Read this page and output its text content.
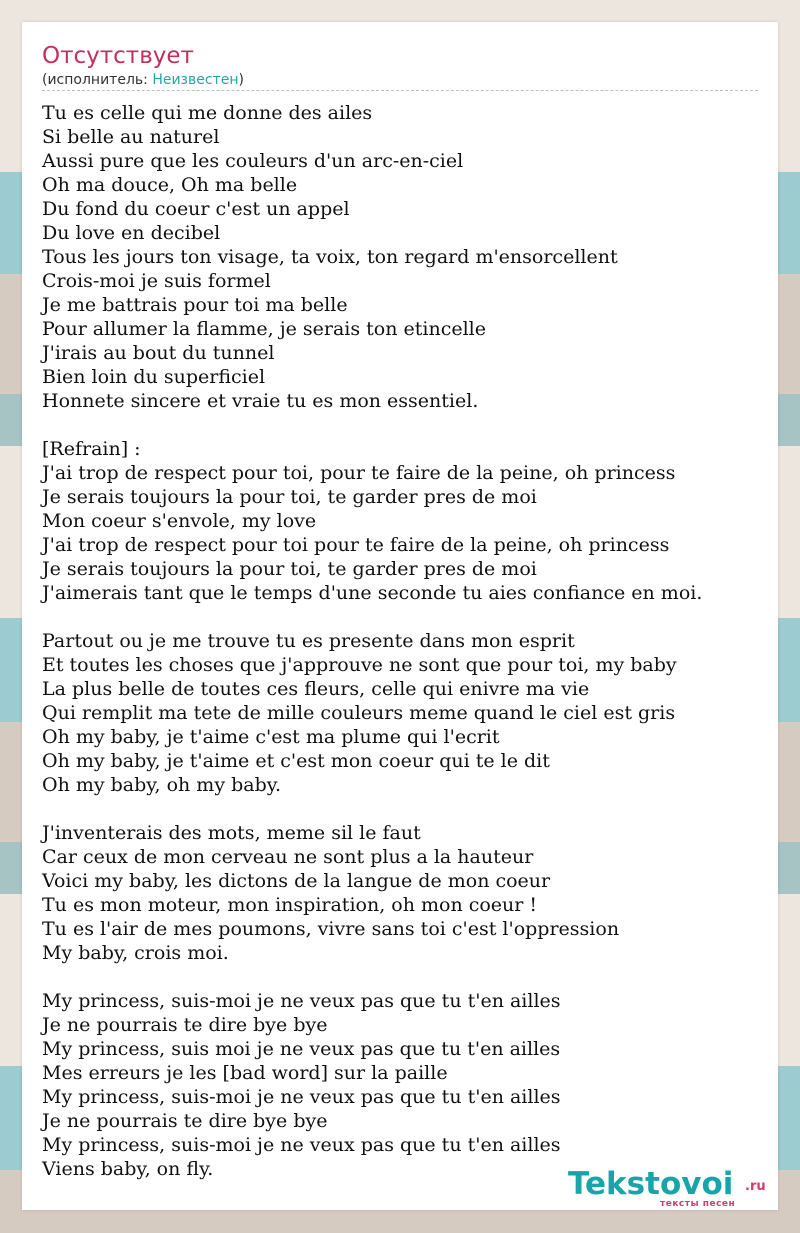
Отсутствует
(исполнитель: Неизвестен)
Tu es celle qui me donne des ailes
Si belle au naturel
Aussi pure que les couleurs d'un arc-en-ciel
Oh ma douce, Oh ma belle
Du fond du coeur c'est un appel
Du love en decibel
Tous les jours ton visage, ta voix, ton regard m'ensorcellent
Crois-moi je suis formel
Je me battrais pour toi ma belle
Pour allumer la flamme, je serais ton etincelle
J'irais au bout du tunnel
Bien loin du superficiel
Honnete sincere et vraie tu es mon essentiel.
[Refrain] :
J'ai trop de respect pour toi, pour te faire de la peine, oh princess
Je serais toujours la pour toi, te garder pres de moi
Mon coeur s'envole, my love
J'ai trop de respect pour toi pour te faire de la peine, oh princess
Je serais toujours la pour toi, te garder pres de moi
J'aimerais tant que le temps d'une seconde tu aies confiance en moi.
Partout ou je me trouve tu es presente dans mon esprit
Et toutes les choses que j'approuve ne sont que pour toi, my baby
La plus belle de toutes ces fleurs, celle qui enivre ma vie
Qui remplit ma tete de mille couleurs meme quand le ciel est gris
Oh my baby, je t'aime c'est ma plume qui l'ecrit
Oh my baby, je t'aime et c'est mon coeur qui te le dit
Oh my baby, oh my baby.
J'inventerais des mots, meme sil le faut
Car ceux de mon cerveau ne sont plus a la hauteur
Voici my baby, les dictons de la langue de mon coeur
Tu es mon moteur, mon inspiration, oh mon coeur !
Tu es l'air de mes poumons, vivre sans toi c'est l'oppression
My baby, crois moi.
My princess, suis-moi je ne veux pas que tu t'en ailles
Je ne pourrais te dire bye bye
My princess, suis moi je ne veux pas que tu t'en ailles
Mes erreurs je les [bad word] sur la paille
My princess, suis-moi je ne veux pas que tu t'en ailles
Je ne pourrais te dire bye bye
My princess, suis-moi je ne veux pas que tu t'en ailles
Viens baby, on fly.	Tekstovoi .ru
тексты песен
